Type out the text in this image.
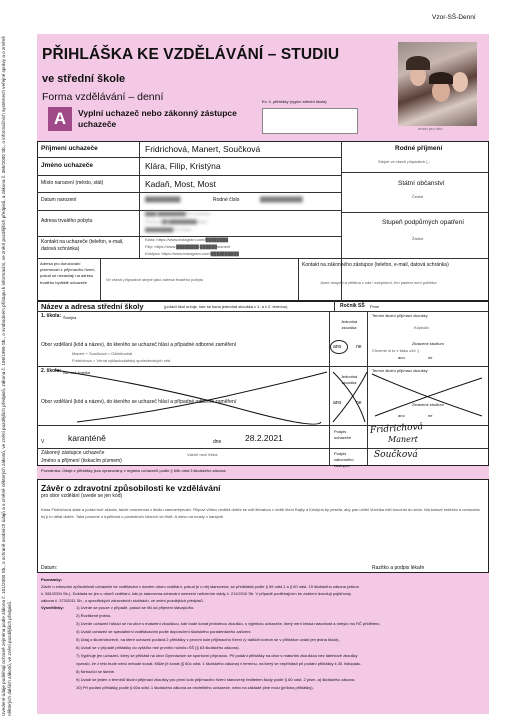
Vzor-SŠ-Denní
Uvedené údaje podléhají ochraně zejména podle zákona č. 101/2000 Sb., o ochraně osobních údajů a o změně některých zákonů, ve znění pozdějších předpisů, zákona č. 106/1999 Sb., o svobodném přístupu k informacím, ve znění pozdějších předpisů, a zákona č. 365/2000 Sb., o informačních systémech veřejné správy a o změně některých dalších zákonů, ve znění pozdějších předpisů.
PŘIHLÁŠKA KE VZDĚLÁVÁNÍ – STUDIU
ve střední škole
Forma vzdělávání – denní
A	Vyplní uchazeč nebo zákonný zástupce uchazeče
Ev. č. přihlášky (vyplní střední škola)
místo pro foto
Příjmení uchazeče	Fridrichová, Manert, Součková
Jméno uchazeče	Klára, Filip, Kristýna
Místo narození (město, stát)	Kadaň, Most, Most
Datum narození	██████████	Rodné číslo	████████████
Adresa trvalého pobytu
████ ██████████ 43 Chomutov
Čechova ██ ██████████ Most
██████████ 101 Most
Kontakt na uchazeče (telefon, e-mail, datová schránka)
Klára: https://www.instagram.com/████████
Filip: https://www.████████/██████manert/
Kristýna: https://www.instagram.com/██████████
Adresa pro doručování písemností z přijímacího řízení, pokud se nezasílají na adresu trvalého bydliště uchazeče
Ve všech případech stejné jako adresa trvalého pobytu
Rodné příjmení
Stejné ve všech případech (-:
Státní občanství
České
Stupeň podpůrných opatření
Žádné.
Kontakt na zákonného zástupce (telefon, e-mail, datová schránka)
Jsme dospělí a většina z nás i svéprávní, tím pádem není potřeba
Název a adresa střední školy	(pořadí škol určuje, kde se koná jednotná zkouška v 1. a v 2. termínu)	Ročník SŠ První
1. škola: Šmejka
Obor vzdělání (kód a název), do kterého se uchazeč hlásí a případné odborné zaměření
Manert + Součková = Ožirkitouhal
Fridrichová = Věrná výkladovkářský společenských věd
Jednotná zkouška
ano	ne
Termín školní přijímací zkoušky
Kdykoliv
Zkrácené studium
Chceme si to v tlaku užít :)
ano	ne
2. škola: Nic než šmejka
Obor vzdělání (kód a název), do kterého se uchazeč hlásí a případné odborné zaměření
Jednotná zkouška
ano	ne
Termín školní přijímací zkoušky
Zkrácené studium
ano	ne
V	karanténě	dne	28.2.2021
Podpis uchazeče
Fridrichová
Manert
Zákonný zástupce uchazeče
Jméno a příjmení (tiskacím písmem)
Vážně není třeba	Podpis zákonného zástupce
Součková
Poznámka: Údaje z přihlášky jsou zpracovány v registru uchazečů podle § 60b odst.3 školského zákona.
Závěr o zdravotní způsobilosti ke vzdělávání
pro obor vzdělání (uvede se jen kód)
Klára Fridrichová stále a pořád boří ačkoliv, takže omezenost z titulku samozřejmostí. Filipovi vůbec nedělá dobře se učit literaturu v době čtení Bajky a Kristýna by pesela, aby pan učitel Vocelka měl bouchat do stolu. Má bolavé srdéčko a nemusela by ji to dělat dobře. Také prosíme o trpělivost v posledních řádcích ve třídě. A slevu na tousty v kantýně.
Datum:	Razítko a podpis lékaře
Poznámky:
Závěr o zdravotní způsobilosti uchazeče ke vzdělávání v daném oboru vzdělání, pokud je u něj stanovena, se předkládá podle § 59 odst.1 a § 60 odst. 15 školského zákona (zákon
č. 561/2004 Sb.). Dokládá se jen u oborů vzdělání, kde je stanovena zdravotní omezení nařízením vlády č. 211/2010 Sb. V případě podléhajícím ke zvážení dovolují pojišťovny
zákona č. 373/2011 Sb., o specifických zdravotních službách, ve znění pozdějších předpisů.
Vysvětlivky:	1) Uvede se pouze v případě, pokud se liší od příjmení stávajícího.
2) Rozlišené jméno.
3) Uvede uchazeč hlásící se na obor s maturitní zkouškou, kde bude konat jednotnou zkoušku, s výjimkou uchazeče, který není česká národnost a nebylo mu RČ přiděleno.
4) Uvádí uchazeč se speciálními vzdělávacími podle doporučení školského poradenského zařízení.
5) Údaj o škole/oborech, na které uchazeč podává 2 přihlášky v prvním kole přijímacího řízení (v dalších kolech se v přihlášce uvádí jen jedna škola).
6) Uvádí se v případě přihlášky do vyššího než prvního ročníku SŠ (§ 63 školského zákona).
7) Vyplňuje jen uchazeč, který se přihlásil na obor Gymnázium se sportovní přípravou. Při podání přihlášky na obor s maturitní zkouškou bez talentové zkoušky
vyznačí, že z této bude nebo nebude konat. Může jít konat (§ 60c odst. 1 školského zákona) v termínu, na který se nepřihlásil při podání přihlášky k 30. listopadu.
8) Nehodící se škrtne.
9) Uvádí se jeden z termínů školní přijímací zkoušky pro první kolo přijímacího řízení stanovený ředitelem školy podle § 60 odst. 2 písm. a) školského zákona.
10) Při podání přihlášky podle § 60a odst. 1 školského zákona za nezletilého uchazeče, nebo na základě plné moci (příloha přihlášky).
